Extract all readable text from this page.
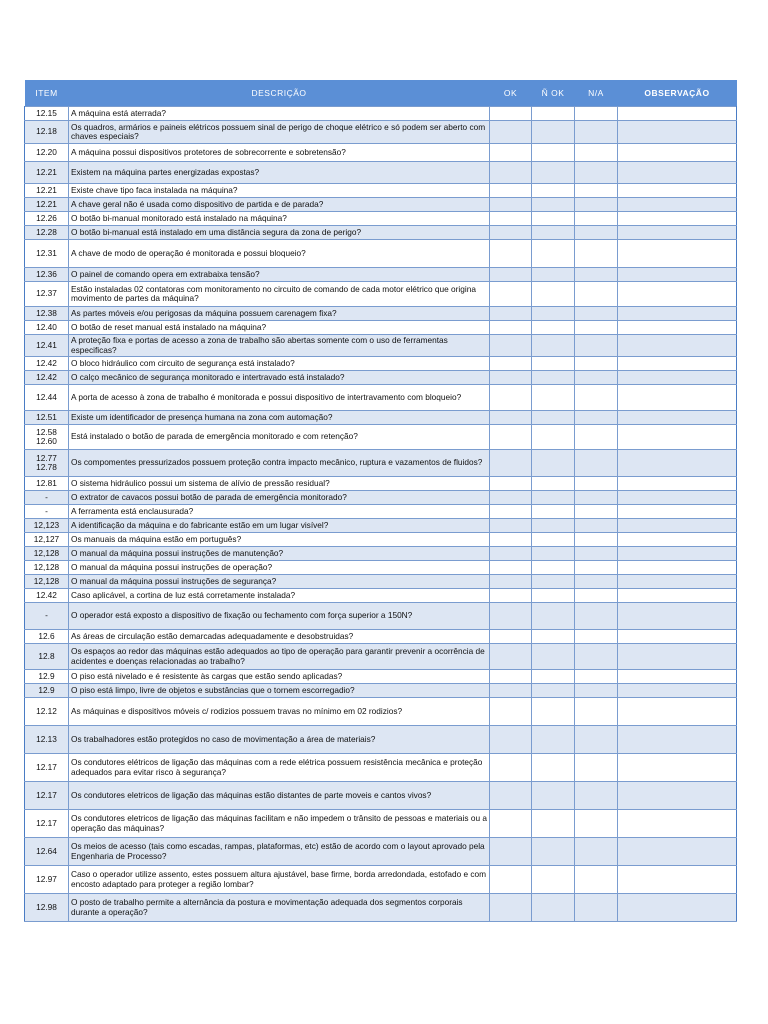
ITEM	DESCRIÇÃO	OK	Ñ OK	N/A	OBSERVAÇÃO

12.15	A máquina está aterrada?				

12.18	Os quadros, armários e paineis elétricos possuem sinal de perigo de choque elétrico e só podem ser aberto com chaves especiais?				

12.20	A máquina possui dispositivos protetores de sobrecorrente e sobretensão?				

12.21	Existem na máquina partes energizadas expostas?				

12.21	Existe chave tipo faca instalada na máquina?				

12.21	A chave geral não é usada como dispositivo de partida e de parada?				

12.26	O botão bi-manual monitorado está instalado na máquina?				

12.28	O botão bi-manual está instalado em uma distância segura da zona de perigo?				

12.31	A chave de modo de operação é monitorada e possui bloqueio?				

12.36	O painel de comando opera em extrabaixa tensão?				

12.37	Estão instaladas 02 contatoras com monitoramento no circuito de comando de cada motor elétrico que origina movimento de partes da máquina?				

12.38	As partes móveis e/ou perigosas da máquina possuem carenagem fixa?				

12.40	O botão de reset manual está instalado na máquina?				

12.41	A proteção fixa e portas de acesso a zona de trabalho são abertas somente com o uso de ferramentas especificas?				

12.42	O bloco hidráulico com circuito de segurança está instalado?				

12.42	O calço mecânico de segurança monitorado e intertravado está instalado?				

12.44	A porta de acesso à zona de trabalho é monitorada e possui dispositivo de intertravamento com bloqueio?				

12.51	Existe um identificador de presença humana na zona com automação?				

12.58
12.60	Está instalado o botão de parada de emergência monitorado e com retenção?				

12.77
12.78	Os compomentes pressurizados possuem proteção contra impacto mecânico, ruptura e vazamentos de fluidos?				

12.81	O sistema hidráulico possui um sistema de alívio de pressão residual?				

-	O extrator de cavacos possui botão de parada de emergência monitorado?				

-	A ferramenta está enclausurada?				

12,123	A identificação da máquina e do fabricante estão em um lugar visível?				

12,127	Os manuais da máquina estão em português?				

12,128	O manual da máquina possui instruções de manutenção?				

12,128	O manual da máquina possui instruções de operação?				

12,128	O manual da máquina possui instruções de segurança?				

12.42	Caso aplicável, a cortina de luz está corretamente instalada?				

-	O operador está exposto a dispositivo de fixação ou fechamento com força superior a 150N?				

12.6	As áreas de circulação estão demarcadas adequadamente e desobstruidas?				

12.8	Os espaços ao redor das máquinas estão adequados ao tipo de operação para garantir prevenir a ocorrência de acidentes e doenças relacionadas ao trabalho?				

12.9	O piso está nivelado e é resistente às cargas que estão sendo aplicadas?				

12.9	O piso está limpo, livre de objetos e substâncias que o tornem escorregadio?				

12.12	As máquinas e dispositivos móveis c/ rodizios possuem travas no mínimo em 02 rodizios?				

12.13	Os trabalhadores estão protegidos no caso de movimentação a área de materiais?				

12.17	Os condutores elétricos de ligação das máquinas com a rede elétrica possuem resistência mecânica e proteção adequados para evitar risco à segurança?				

12.17	Os condutores eletricos de ligação das máquinas estão distantes de parte moveis e cantos vivos?				

12.17	Os condutores eletricos de ligação das máquinas facilitam e não impedem o trânsito de pessoas e materiais ou a operação das máquinas?				

12.64	Os meios de acesso (tais como escadas, rampas, plataformas, etc) estão de acordo com o layout aprovado pela Engenharia de Processo?				

12.97	Caso o operador utilize assento, estes possuem altura ajustável, base firme, borda arredondada, estofado e com encosto adaptado para proteger a região lombar?				

12.98	O posto de trabalho permite a alternância da postura e movimentação adequada dos segmentos corporais durante a operação?				
